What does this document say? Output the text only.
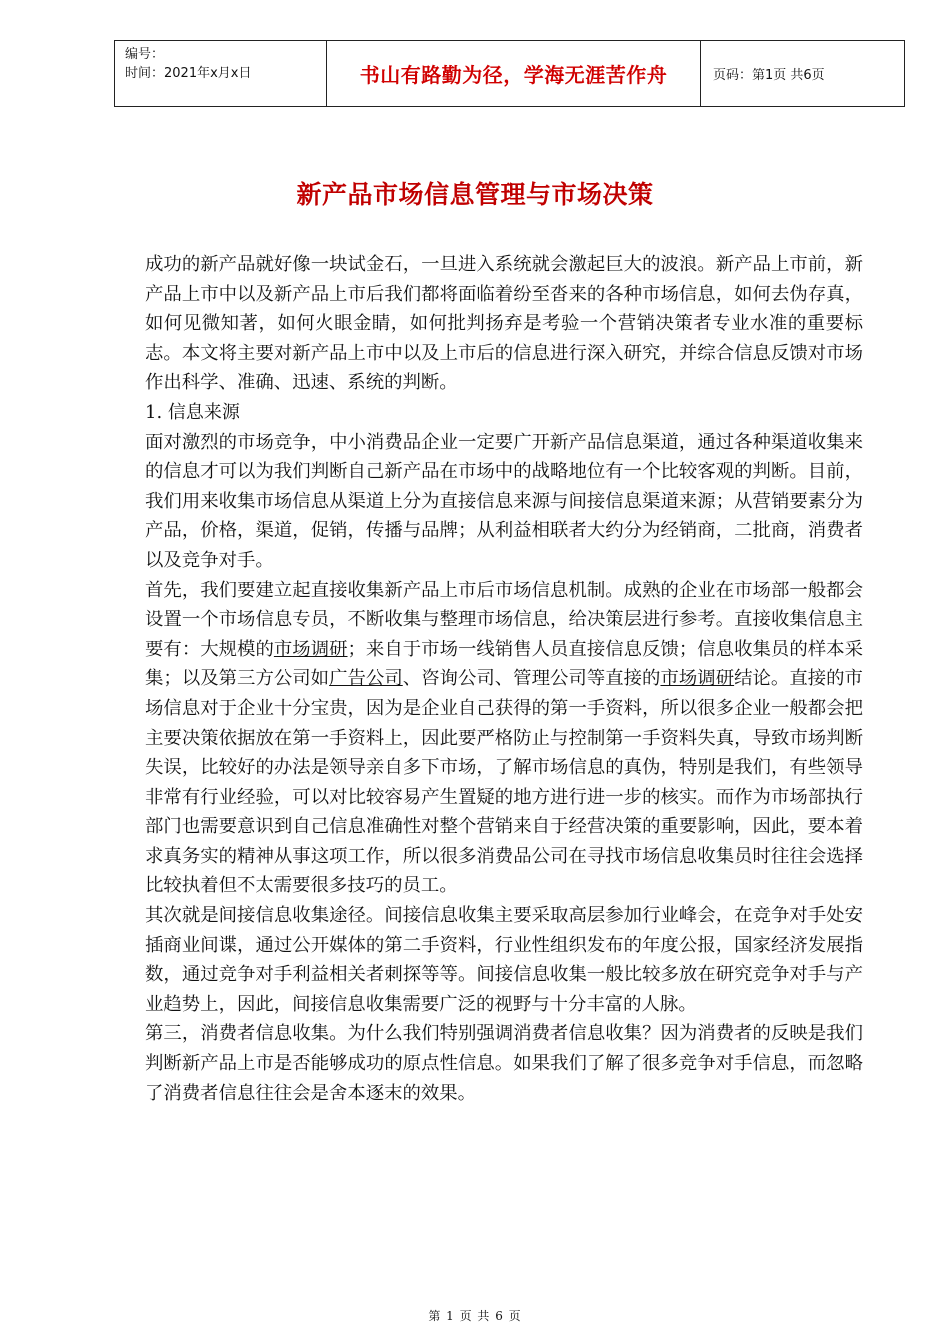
编号：
时间：2021年x月x日	书山有路勤为径，学海无涯苦作舟	页码：第1页 共6页
新产品市场信息管理与市场决策

成功的新产品就好像一块试金石，一旦进入系统就会激起巨大的波浪。新产品上市前，新产品上市中以及新产品上市后我们都将面临着纷至沓来的各种市场信息，如何去伪存真，如何见微知著，如何火眼金睛，如何批判扬弃是考验一个营销决策者专业水准的重要标志。本文将主要对新产品上市中以及上市后的信息进行深入研究，并综合信息反馈对市场作出科学、准确、迅速、系统的判断。

1. 信息来源

面对激烈的市场竞争，中小消费品企业一定要广开新产品信息渠道，通过各种渠道收集来的信息才可以为我们判断自己新产品在市场中的战略地位有一个比较客观的判断。目前，我们用来收集市场信息从渠道上分为直接信息来源与间接信息渠道来源；从营销要素分为产品，价格，渠道，促销，传播与品牌；从利益相联者大约分为经销商，二批商，消费者以及竞争对手。

首先，我们要建立起直接收集新产品上市后市场信息机制。成熟的企业在市场部一般都会设置一个市场信息专员，不断收集与整理市场信息，给决策层进行参考。直接收集信息主要有：大规模的市场调研；来自于市场一线销售人员直接信息反馈；信息收集员的样本采集；以及第三方公司如广告公司、咨询公司、管理公司等直接的市场调研结论。直接的市场信息对于企业十分宝贵，因为是企业自己获得的第一手资料，所以很多企业一般都会把主要决策依据放在第一手资料上，因此要严格防止与控制第一手资料失真，导致市场判断失误，比较好的办法是领导亲自多下市场，了解市场信息的真伪，特别是我们，有些领导非常有行业经验，可以对比较容易产生置疑的地方进行进一步的核实。而作为市场部执行部门也需要意识到自己信息准确性对整个营销来自于经营决策的重要影响，因此，要本着求真务实的精神从事这项工作，所以很多消费品公司在寻找市场信息收集员时往往会选择比较执着但不太需要很多技巧的员工。

其次就是间接信息收集途径。间接信息收集主要采取高层参加行业峰会，在竞争对手处安插商业间谍，通过公开媒体的第二手资料，行业性组织发布的年度公报，国家经济发展指数，通过竞争对手利益相关者刺探等等。间接信息收集一般比较多放在研究竞争对手与产业趋势上，因此，间接信息收集需要广泛的视野与十分丰富的人脉。

第三，消费者信息收集。为什么我们特别强调消费者信息收集？因为消费者的反映是我们判断新产品上市是否能够成功的原点性信息。如果我们了解了很多竞争对手信息，而忽略了消费者信息往往会是舍本逐末的效果。

第 1 页 共 6 页
